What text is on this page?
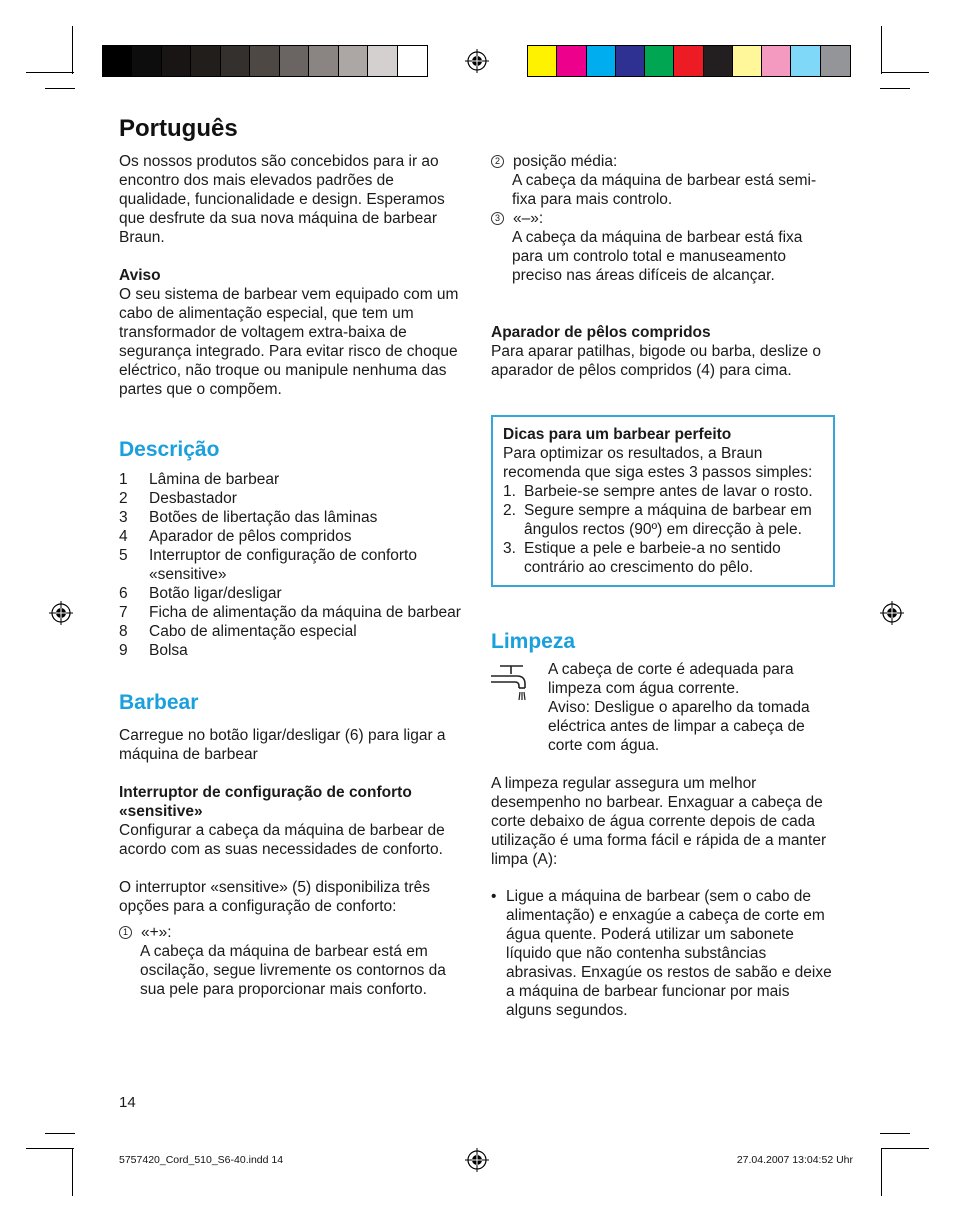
Português

Os nossos produtos são concebidos para ir ao encontro dos mais elevados padrões de qualidade, funcionalidade e design. Esperamos que desfrute da sua nova máquina de barbear Braun.

Aviso

O seu sistema de barbear vem equipado com um cabo de alimentação especial, que tem um transformador de voltagem extra-baixa de segurança integrado. Para evitar risco de choque eléctrico, não troque ou manipule nenhuma das partes que o compõem.

Descrição
1	Lâmina de barbear
2	Desbastador
3	Botões de libertação das lâminas
4	Aparador de pêlos compridos
5	Interruptor de configuração de conforto «sensitive»
6	Botão ligar/desligar
7	Ficha de alimentação da máquina de barbear
8	Cabo de alimentação especial
9	Bolsa
Barbear

Carregue no botão ligar/desligar (6) para ligar a máquina de barbear

Interruptor de configuração de conforto «sensitive»

Configurar a cabeça da máquina de barbear de acordo com as suas necessidades de conforto.

O interruptor «sensitive» (5) disponibiliza três opções para a configuração de conforto:

1 «+»:
A cabeça da máquina de barbear está em oscilação, segue livremente os contornos da sua pele para proporcionar mais conforto.
14
2 posição média:
A cabeça da máquina de barbear está semi-fixa para mais controlo.
3 «–»:
A cabeça da máquina de barbear está fixa para um controlo total e manuseamento preciso nas áreas difíceis de alcançar.

Aparador de pêlos compridos

Para aparar patilhas, bigode ou barba, deslize o aparador de pêlos compridos (4) para cima.

Dicas para um barbear perfeito

Para optimizar os resultados, a Braun recomenda que siga estes 3 passos simples:

1. Barbeie-se sempre antes de lavar o rosto.
2. Segure sempre a máquina de barbear em ângulos rectos (90º) em direcção à pele.
3. Estique a pele e barbeie-a no sentido contrário ao crescimento do pêlo.
Limpeza

A cabeça de corte é adequada para limpeza com água corrente.

Aviso: Desligue o aparelho da tomada eléctrica antes de limpar a cabeça de corte com água.

A limpeza regular assegura um melhor desempenho no barbear. Enxaguar a cabeça de corte debaixo de água corrente depois de cada utilização é uma forma fácil e rápida de a manter limpa (A):

• Ligue a máquina de barbear (sem o cabo de alimentação) e enxagúe a cabeça de corte em água quente. Poderá utilizar um sabonete líquido que não contenha substâncias abrasivas. Enxagúe os restos de sabão e deixe a máquina de barbear funcionar por mais alguns segundos.
5757420_Cord_510_S6-40.indd 14	27.04.2007 13:04:52 Uhr
